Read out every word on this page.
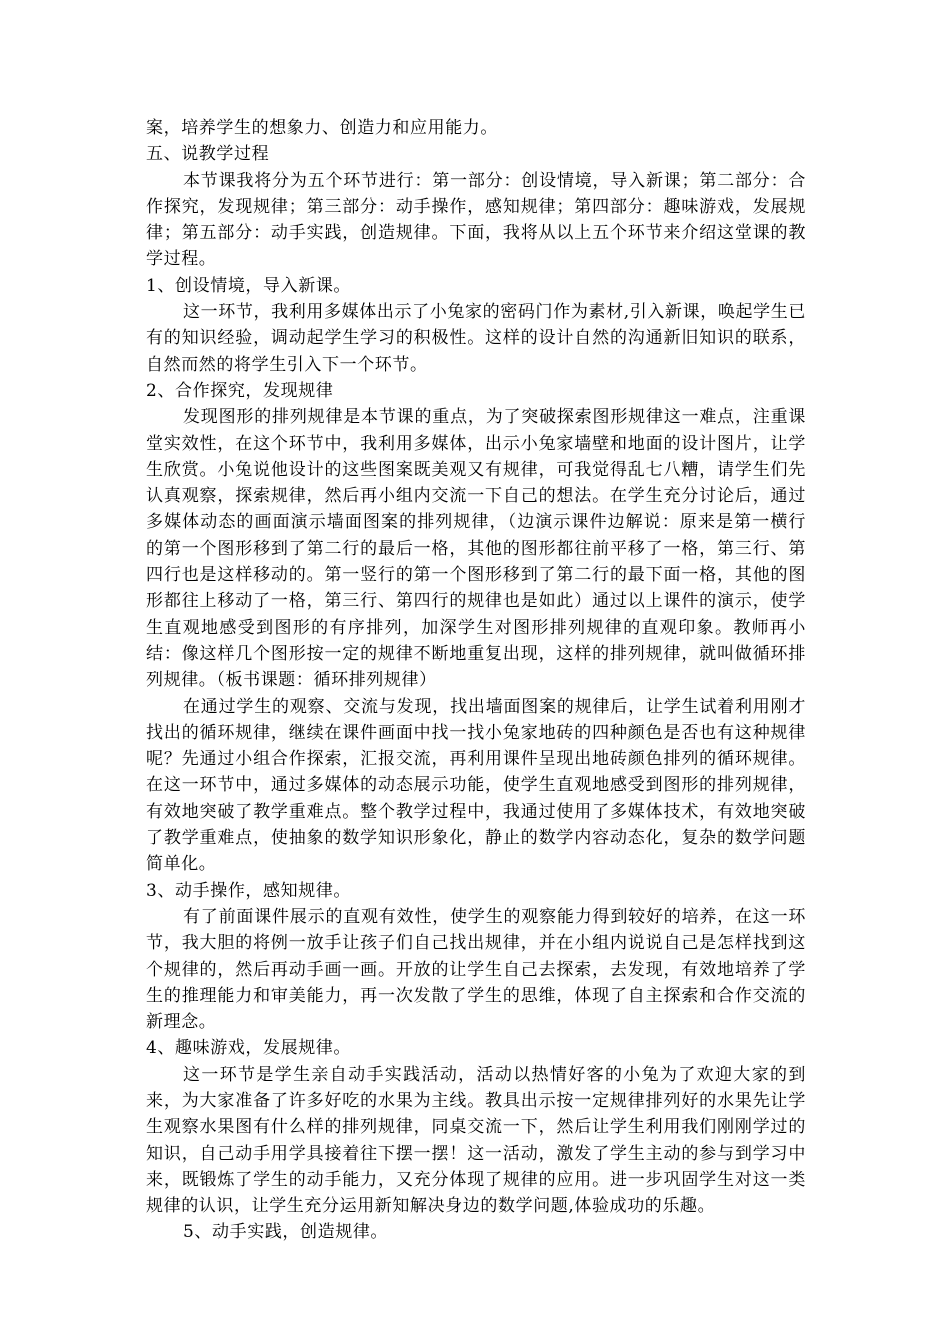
案，培养学生的想象力、创造力和应用能力。

五、说教学过程

本节课我将分为五个环节进行：第一部分：创设情境，导入新课；第二部分：合作探究，发现规律；第三部分：动手操作，感知规律；第四部分：趣味游戏，发展规律；第五部分：动手实践，创造规律。下面，我将从以上五个环节来介绍这堂课的教学过程。

1、创设情境，导入新课。

这一环节，我利用多媒体出示了小兔家的密码门作为素材,引入新课，唤起学生已有的知识经验，调动起学生学习的积极性。这样的设计自然的沟通新旧知识的联系，自然而然的将学生引入下一个环节。

2、合作探究，发现规律

发现图形的排列规律是本节课的重点，为了突破探索图形规律这一难点，注重课堂实效性，在这个环节中，我利用多媒体，出示小兔家墙壁和地面的设计图片，让学生欣赏。小兔说他设计的这些图案既美观又有规律，可我觉得乱七八糟，请学生们先认真观察，探索规律，然后再小组内交流一下自己的想法。在学生充分讨论后，通过多媒体动态的画面演示墙面图案的排列规律，（边演示课件边解说：原来是第一横行的第一个图形移到了第二行的最后一格，其他的图形都往前平移了一格，第三行、第四行也是这样移动的。第一竖行的第一个图形移到了第二行的最下面一格，其他的图形都往上移动了一格，第三行、第四行的规律也是如此）通过以上课件的演示，使学生直观地感受到图形的有序排列，加深学生对图形排列规律的直观印象。教师再小结：像这样几个图形按一定的规律不断地重复出现，这样的排列规律，就叫做循环排列规律。（板书课题：循环排列规律）

在通过学生的观察、交流与发现，找出墙面图案的规律后，让学生试着利用刚才找出的循环规律，继续在课件画面中找一找小兔家地砖的四种颜色是否也有这种规律呢？先通过小组合作探索，汇报交流，再利用课件呈现出地砖颜色排列的循环规律。在这一环节中，通过多媒体的动态展示功能，使学生直观地感受到图形的排列规律，有效地突破了教学重难点。整个教学过程中，我通过使用了多媒体技术，有效地突破了教学重难点，使抽象的数学知识形象化，静止的数学内容动态化，复杂的数学问题简单化。

3、动手操作，感知规律。

有了前面课件展示的直观有效性，使学生的观察能力得到较好的培养，在这一环节，我大胆的将例一放手让孩子们自己找出规律，并在小组内说说自己是怎样找到这个规律的，然后再动手画一画。开放的让学生自己去探索，去发现，有效地培养了学生的推理能力和审美能力，再一次发散了学生的思维，体现了自主探索和合作交流的新理念。

4、趣味游戏，发展规律。

这一环节是学生亲自动手实践活动，活动以热情好客的小兔为了欢迎大家的到来，为大家准备了许多好吃的水果为主线。教具出示按一定规律排列好的水果先让学生观察水果图有什么样的排列规律，同桌交流一下，然后让学生利用我们刚刚学过的知识，自己动手用学具接着往下摆一摆！这一活动，激发了学生主动的参与到学习中来，既锻炼了学生的动手能力，又充分体现了规律的应用。进一步巩固学生对这一类规律的认识，让学生充分运用新知解决身边的数学问题,体验成功的乐趣。

5、动手实践，创造规律。
